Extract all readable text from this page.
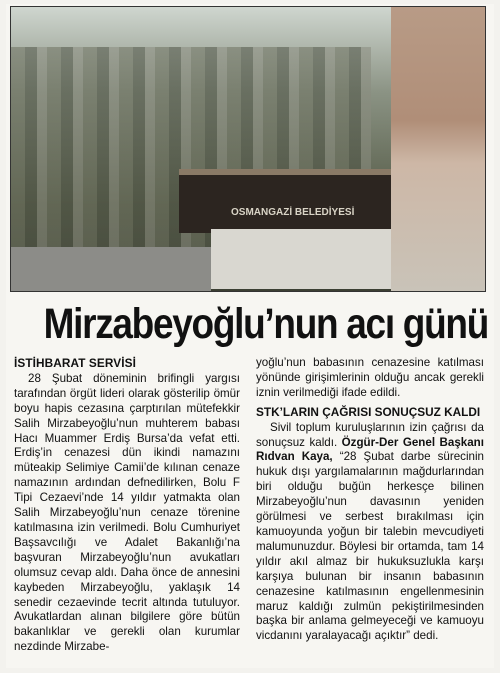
OSMANGAZİ BELEDİYESİ
Mirzabeyoğlu’nun acı günü
İSTİHBARAT SERVİSİ

28 Şubat döneminin brifingli yargısı tarafından örgüt lideri olarak gösterilip ömür boyu hapis cezasına çarptırılan mütefekkir Salih Mirzabeyoğlu’nun muhterem babası Hacı Muammer Erdiş Bursa’da vefat etti. Erdiş’in cenazesi dün ikindi namazını müteakip Selimiye Camii’de kılınan cenaze namazının ardından defnedilirken, Bolu F Tipi Cezaevi’nde 14 yıldır yatmakta olan Salih Mirzabeyoğlu’nun cenaze törenine katılmasına izin verilmedi. Bolu Cumhuriyet Başsavcılığı ve Adalet Bakanlığı’na başvuran Mirzabeyoğlu’nun avukatları olumsuz cevap aldı. Daha önce de annesini kaybeden Mirzabeyoğlu, yaklaşık 14 senedir cezaevinde tecrit altında tutuluyor. Avukatlardan alınan bilgilere göre bütün bakanlıklar ve gerekli olan kurumlar nezdinde Mirzabe-

yoğlu’nun babasının cenazesine katılması yönünde girişimlerinin olduğu ancak gerekli iznin verilmediği ifade edildi.

STK’LARIN ÇAĞRISI SONUÇSUZ KALDI

Sivil toplum kuruluşlarının izin çağrısı da sonuçsuz kaldı. Özgür-Der Genel Başkanı Rıdvan Kaya, “28 Şubat darbe sürecinin hukuk dışı yargılamalarının mağdurlarından biri olduğu buğün herkesçe bilinen Mirzabeyoğlu’nun davasının yeniden görülmesi ve serbest bırakılması için kamuoyunda yoğun bir talebin mevcudiyeti malumunuzdur. Böylesi bir ortamda, tam 14 yıldır akıl almaz bir hukuksuzlukla karşı karşıya bulunan bir insanın babasının cenazesine katılmasının engellenmesinin maruz kaldığı zulmün pekiştirilmesinden başka bir anlama gelmeyeceği ve kamuoyu vicdanını yaralayacağı açıktır” dedi.
